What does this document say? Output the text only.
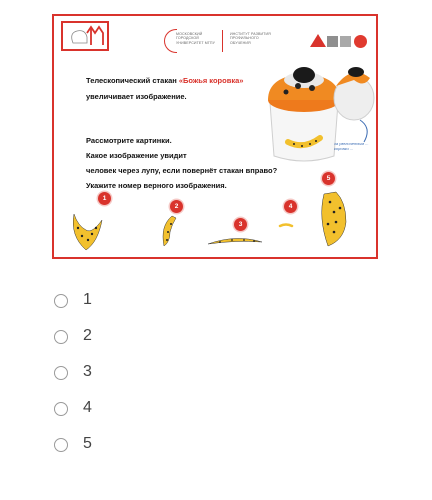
МОСКОВСКИЙ ГОРОДСКОЙ УНИВЕРСИТЕТ МГПУ
ИНСТИТУТ РАЗВИТИЯ ПРОФИЛЬНОГО ОБУЧЕНИЯ
Телескопический стакан «Божья коровка»
увеличивает изображение.
Рассмотрите картинки.
Какое изображение увидит
человек через лупу, если повернёт стакан вправо?
Укажите номер верного изображения.
за увеличенным ... коровки ...
1
2
3
4
5
1
2
3
4
5
